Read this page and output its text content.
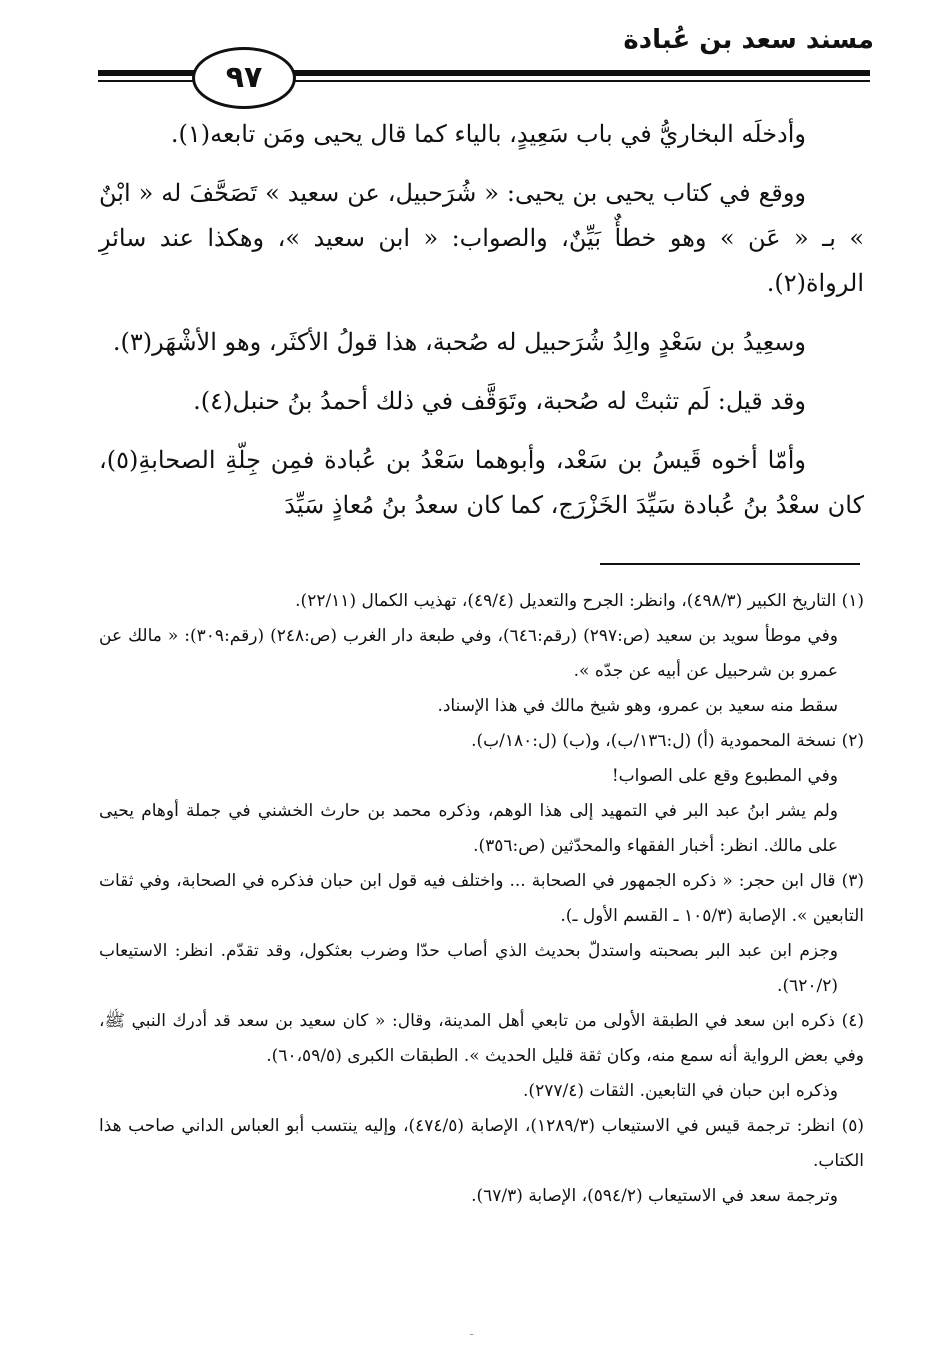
مسند سعد بن عُبادة
٩٧

وأدخلَه البخاريُّ في باب سَعِيدٍ، بالياء كما قال يحيى ومَن تابعه(١).

ووقع في كتاب يحيى بن يحيى: « شُرَحبيل، عن سعيد » تَصَحَّفَ له « ابْنٌ » بـ « عَن » وهو خطأٌ بَيِّنٌ، والصواب: « ابن سعيد »، وهكذا عند سائرِ الرواة(٢).

وسعِيدُ بن سَعْدٍ والِدُ شُرَحبيل له صُحبة، هذا قولُ الأكثَر، وهو الأشْهَر(٣).

وقد قيل: لَم تثبتْ له صُحبة، وتَوَقَّف في ذلك أحمدُ بنُ حنبل(٤).

وأمّا أخوه قَيسُ بن سَعْد، وأبوهما سَعْدُ بن عُبادة فمِن جِلّةِ الصحابةِ(٥)، كان سعْدُ بنُ عُبادة سَيِّدَ الخَزْرَج، كما كان سعدُ بنُ مُعاذٍ سَيِّدَ

(١) التاريخ الكبير (٤٩٨/٣)، وانظر: الجرح والتعديل (٤٩/٤)، تهذيب الكمال (٢٢/١١).

وفي موطأ سويد بن سعيد (ص:٢٩٧) (رقم:٦٤٦)، وفي طبعة دار الغرب (ص:٢٤٨) (رقم:٣٠٩): « مالك عن عمرو بن شرحبيل عن أبيه عن جدّه ».

سقط منه سعيد بن عمرو، وهو شيخ مالك في هذا الإسناد.

(٢) نسخة المحمودية (أ) (ل:١٣٦/ب)، و(ب) (ل:١٨٠/ب).

وفي المطبوع وقع على الصواب!

ولم يشر ابنُ عبد البر في التمهيد إلى هذا الوهم، وذكره محمد بن حارث الخشني في جملة أوهام يحيى على مالك. انظر: أخبار الفقهاء والمحدّثين (ص:٣٥٦).

(٣) قال ابن حجر: « ذكره الجمهور في الصحابة ... واختلف فيه قول ابن حبان فذكره في الصحابة، وفي ثقات التابعين ». الإصابة (١٠٥/٣ ـ القسم الأول ـ).

وجزم ابن عبد البر بصحبته واستدلّ بحديث الذي أصاب حدّا وضرب بعثكول، وقد تقدّم. انظر: الاستيعاب (٦٢٠/٢).

(٤) ذكره ابن سعد في الطبقة الأولى من تابعي أهل المدينة، وقال: « كان سعيد بن سعد قد أدرك النبي ﷺ، وفي بعض الرواية أنه سمع منه، وكان ثقة قليل الحديث ». الطبقات الكبرى (٦٠،٥٩/٥).

وذكره ابن حبان في التابعين. الثقات (٢٧٧/٤).

(٥) انظر: ترجمة قيس في الاستيعاب (١٢٨٩/٣)، الإصابة (٤٧٤/٥)، وإليه ينتسب أبو العباس الداني صاحب هذا الكتاب.

وترجمة سعد في الاستيعاب (٥٩٤/٢)، الإصابة (٦٧/٣).

ـ
